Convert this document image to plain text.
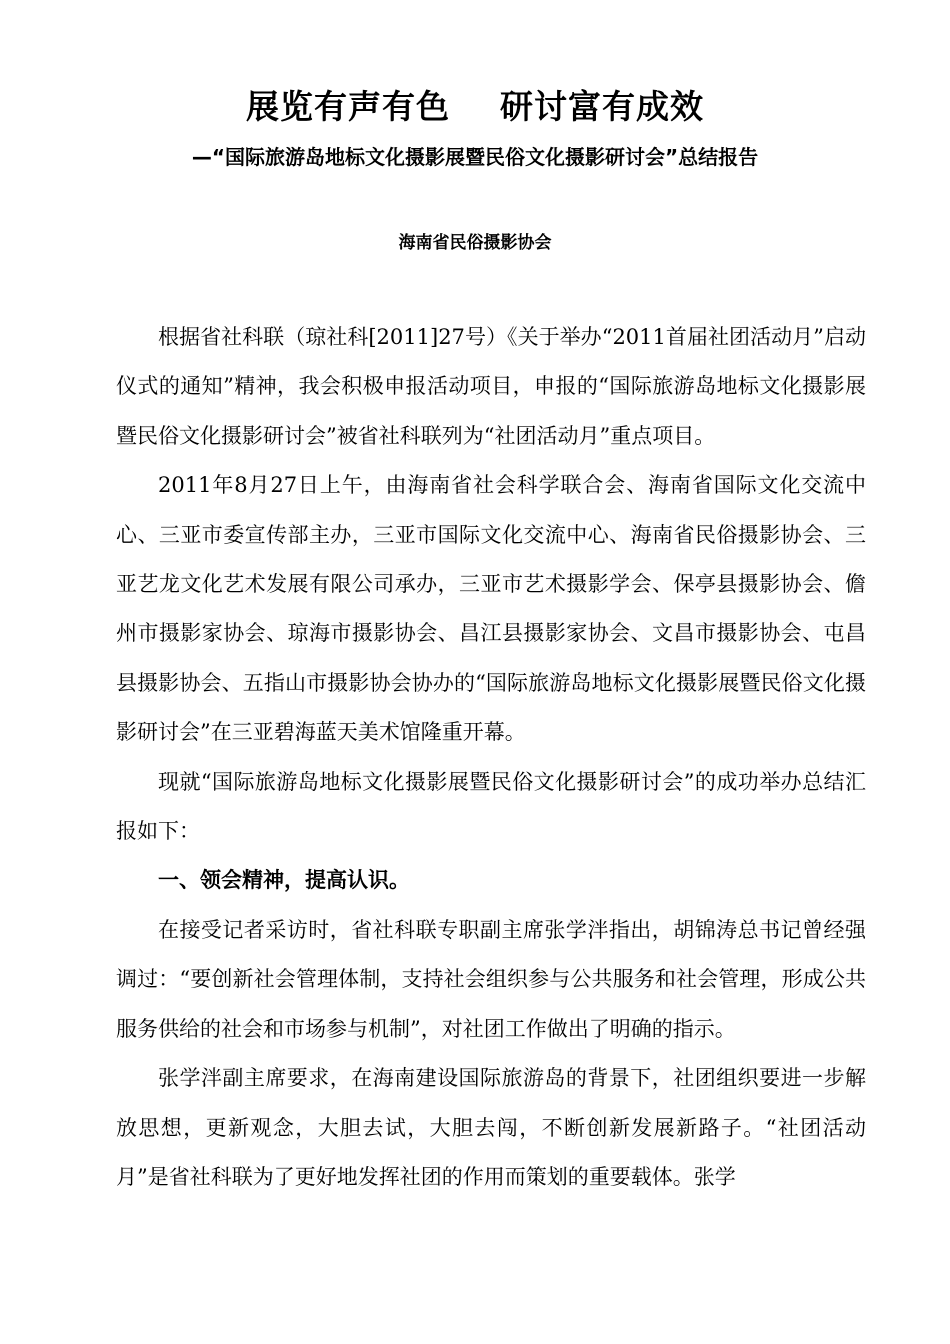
展览有声有色    研讨富有成效
—“国际旅游岛地标文化摄影展暨民俗文化摄影研讨会”总结报告
海南省民俗摄影协会

根据省社科联（琼社科[2011]27号）《关于举办“2011首届社团活动月”启动仪式的通知”精神，我会积极申报活动项目，申报的“国际旅游岛地标文化摄影展暨民俗文化摄影研讨会”被省社科联列为“社团活动月”重点项目。

2011年8月27日上午，由海南省社会科学联合会、海南省国际文化交流中心、三亚市委宣传部主办，三亚市国际文化交流中心、海南省民俗摄影协会、三亚艺龙文化艺术发展有限公司承办，三亚市艺术摄影学会、保亭县摄影协会、儋州市摄影家协会、琼海市摄影协会、昌江县摄影家协会、文昌市摄影协会、屯昌县摄影协会、五指山市摄影协会协办的“国际旅游岛地标文化摄影展暨民俗文化摄影研讨会”在三亚碧海蓝天美术馆隆重开幕。

现就“国际旅游岛地标文化摄影展暨民俗文化摄影研讨会”的成功举办总结汇报如下：

一、领会精神，提高认识。

在接受记者采访时，省社科联专职副主席张学泮指出，胡锦涛总书记曾经强调过：“要创新社会管理体制，支持社会组织参与公共服务和社会管理，形成公共服务供给的社会和市场参与机制”，对社团工作做出了明确的指示。

张学泮副主席要求，在海南建设国际旅游岛的背景下，社团组织要进一步解放思想，更新观念，大胆去试，大胆去闯，不断创新发展新路子。“社团活动月”是省社科联为了更好地发挥社团的作用而策划的重要载体。张学
